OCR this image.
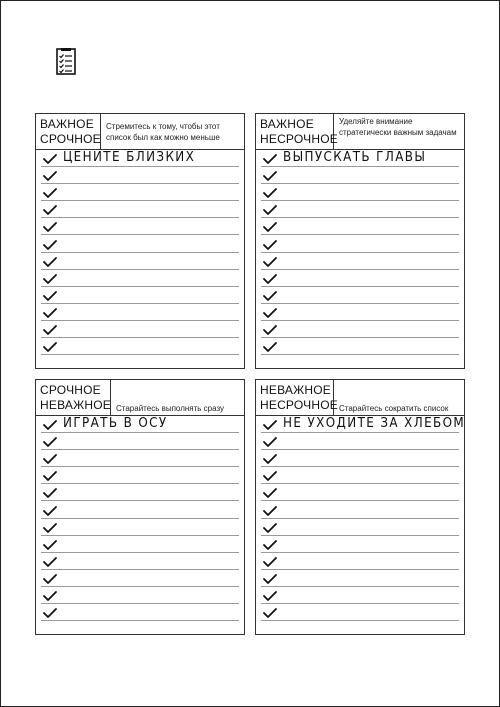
ВАЖНОЕ
СРОЧНОЕ
Стремитесь к тому, чтобы этот список был как можно меньше
ЦЕНИТЕ БЛИЗКИХ
ВАЖНОЕ
НЕСРОЧНОЕ
Уделяйте внимание стратегически важным задачам
ВЫПУСКАТЬ ГЛАВЫ
СРОЧНОЕ
НЕВАЖНОЕ Старайтесь выполнять сразу
ИГРАТЬ В ОСУ
НЕВАЖНОЕ
НЕСРОЧНОЕ Старайтесь сократить список
НЕ УХОДИТЕ ЗА ХЛЕБОМ
